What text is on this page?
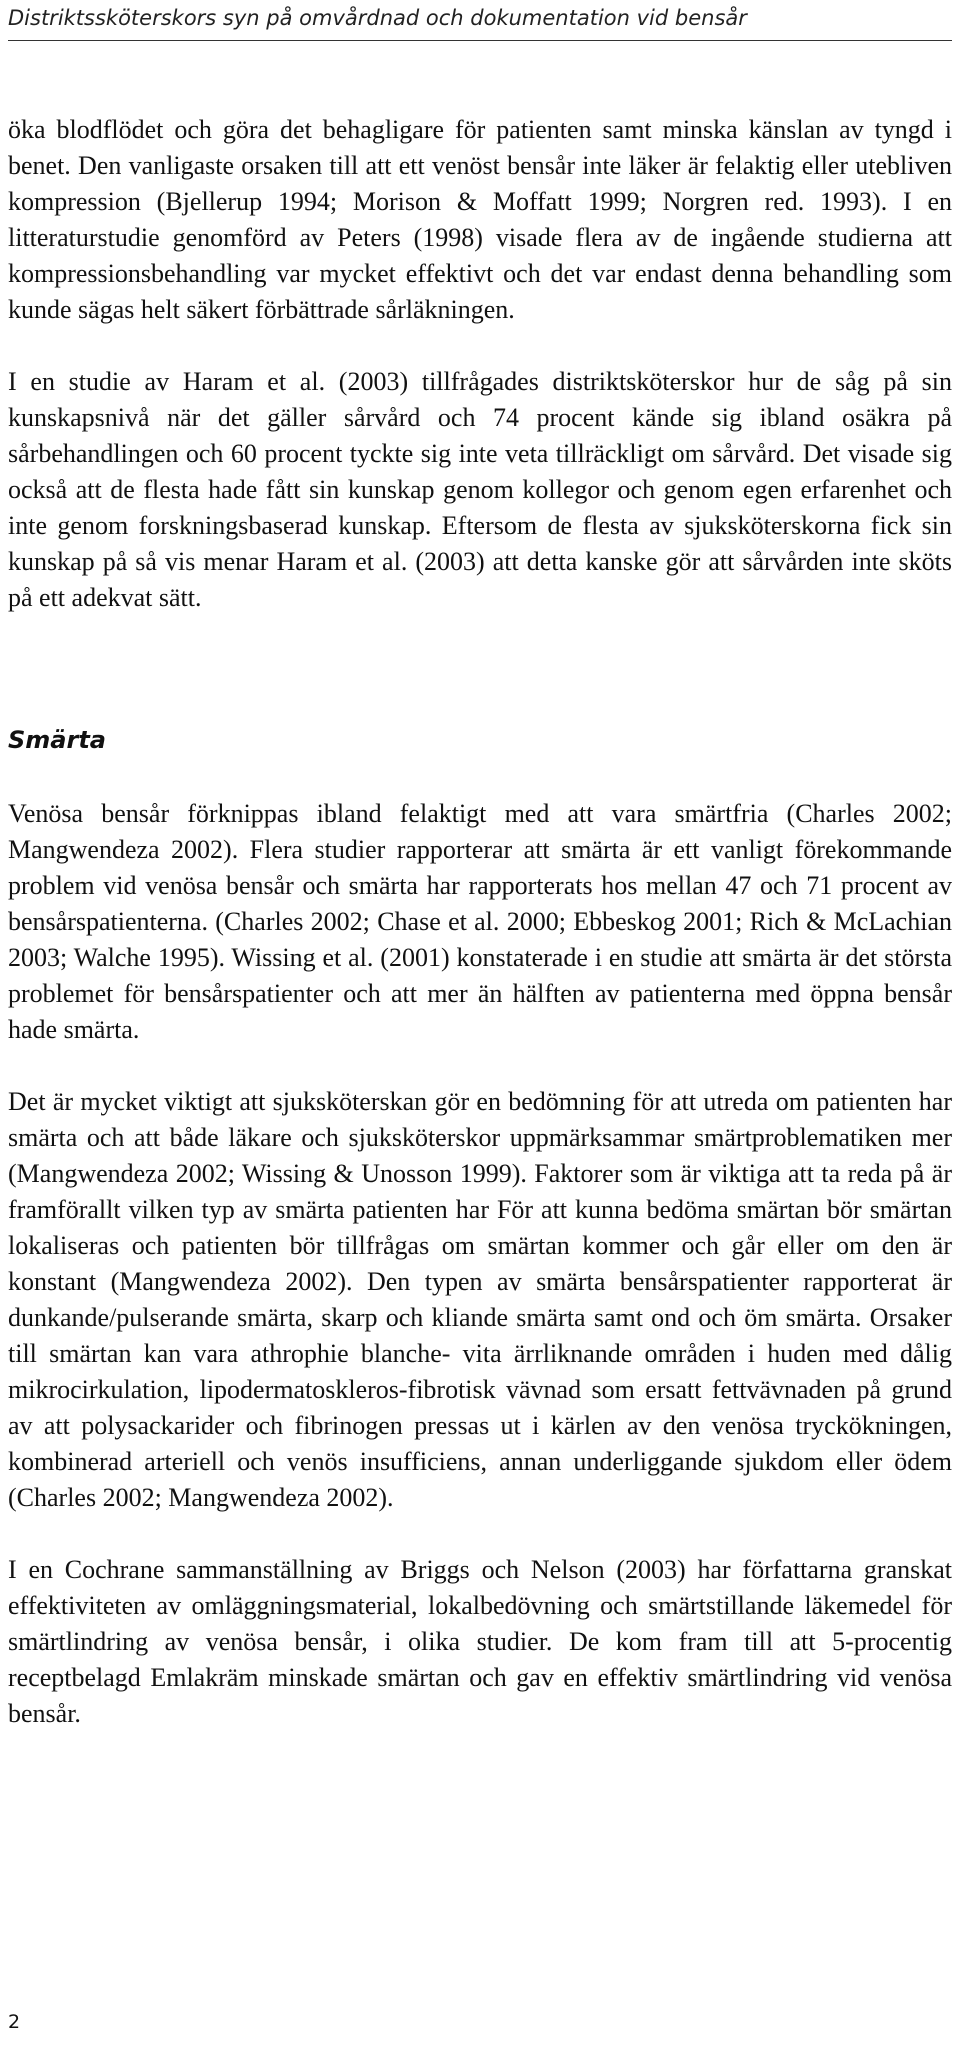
Distriktssköterskors syn på omvårdnad och dokumentation vid bensår

öka blodflödet och göra det behagligare för patienten samt minska känslan av tyngd i benet. Den vanligaste orsaken till att ett venöst bensår inte läker är felaktig eller utebliven kompression (Bjellerup 1994; Morison & Moffatt 1999; Norgren red. 1993). I en litteraturstudie genomförd av Peters (1998) visade flera av de ingående studierna att kompressionsbehandling var mycket effektivt och det var endast denna behandling som kunde sägas helt säkert förbättrade sårläkningen.

I en studie av Haram et al. (2003) tillfrågades distriktsköterskor hur de såg på sin kunskapsnivå när det gäller sårvård och 74 procent kände sig ibland osäkra på sårbehandlingen och 60 procent tyckte sig inte veta tillräckligt om sårvård. Det visade sig också att de flesta hade fått sin kunskap genom kollegor och genom egen erfarenhet och inte genom forskningsbaserad kunskap. Eftersom de flesta av sjuksköterskorna fick sin kunskap på så vis menar Haram et al. (2003) att detta kanske gör att sårvården inte sköts på ett adekvat sätt.

Smärta

Venösa bensår förknippas ibland felaktigt med att vara smärtfria (Charles 2002; Mangwendeza 2002). Flera studier rapporterar att smärta är ett vanligt förekommande problem vid venösa bensår och smärta har rapporterats hos mellan 47 och 71 procent av bensårspatienterna. (Charles 2002; Chase et al. 2000; Ebbeskog 2001; Rich & McLachian 2003; Walche 1995). Wissing et al. (2001) konstaterade i en studie att smärta är det största problemet för bensårspatienter och att mer än hälften av patienterna med öppna bensår hade smärta.

Det är mycket viktigt att sjuksköterskan gör en bedömning för att utreda om patienten har smärta och att både läkare och sjuksköterskor uppmärksammar smärtproblematiken mer (Mangwendeza 2002; Wissing & Unosson 1999). Faktorer som är viktiga att ta reda på är framförallt vilken typ av smärta patienten har För att kunna bedöma smärtan bör smärtan lokaliseras och patienten bör tillfrågas om smärtan kommer och går eller om den är konstant (Mangwendeza 2002). Den typen av smärta bensårspatienter rapporterat är dunkande/pulserande smärta, skarp och kliande smärta samt ond och öm smärta. Orsaker till smärtan kan vara athrophie blanche- vita ärrliknande områden i huden med dålig mikrocirkulation, lipodermatoskleros-fibrotisk vävnad som ersatt fettvävnaden på grund av att polysackarider och fibrinogen pressas ut i kärlen av den venösa tryckökningen, kombinerad arteriell och venös insufficiens, annan underliggande sjukdom eller ödem (Charles 2002; Mangwendeza 2002).

I en Cochrane sammanställning av Briggs och Nelson (2003) har författarna granskat effektiviteten av omläggningsmaterial, lokalbedövning och smärtstillande läkemedel för smärtlindring av venösa bensår, i olika studier. De kom fram till att 5-procentig receptbelagd Emlakräm minskade smärtan och gav en effektiv smärtlindring vid venösa bensår.

2
